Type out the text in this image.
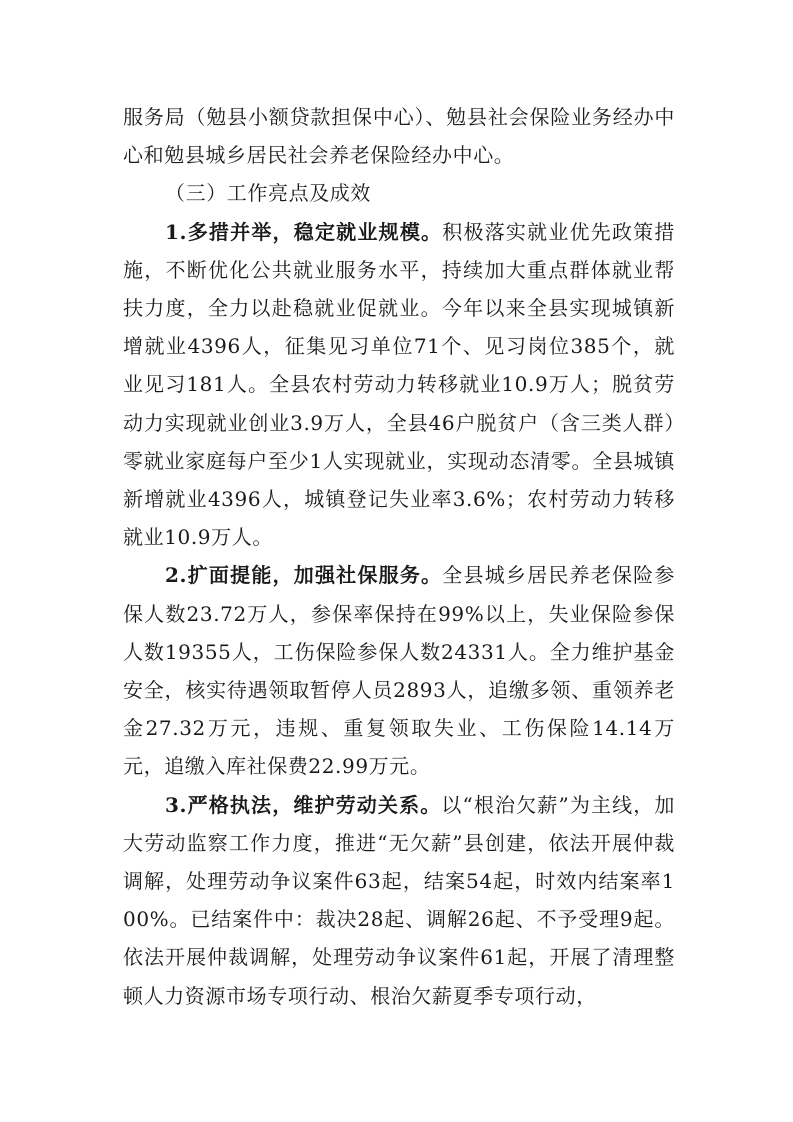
服务局（勉县小额贷款担保中心）、勉县社会保险业务经办中心和勉县城乡居民社会养老保险经办中心。

（三）工作亮点及成效

1.多措并举，稳定就业规模。积极落实就业优先政策措施，不断优化公共就业服务水平，持续加大重点群体就业帮扶力度，全力以赴稳就业促就业。今年以来全县实现城镇新增就业4396人，征集见习单位71个、见习岗位385个，就业见习181人。全县农村劳动力转移就业10.9万人；脱贫劳动力实现就业创业3.9万人，全县46户脱贫户（含三类人群）零就业家庭每户至少1人实现就业，实现动态清零。全县城镇新增就业4396人，城镇登记失业率3.6%；农村劳动力转移就业10.9万人。

2.扩面提能，加强社保服务。全县城乡居民养老保险参保人数23.72万人，参保率保持在99%以上，失业保险参保人数19355人，工伤保险参保人数24331人。全力维护基金安全，核实待遇领取暂停人员2893人，追缴多领、重领养老金27.32万元，违规、重复领取失业、工伤保险14.14万元，追缴入库社保费22.99万元。

3.严格执法，维护劳动关系。以“根治欠薪”为主线，加大劳动监察工作力度，推进“无欠薪”县创建，依法开展仲裁调解，处理劳动争议案件63起，结案54起，时效内结案率100%。已结案件中：裁决28起、调解26起、不予受理9起。依法开展仲裁调解，处理劳动争议案件61起，开展了清理整顿人力资源市场专项行动、根治欠薪夏季专项行动，
